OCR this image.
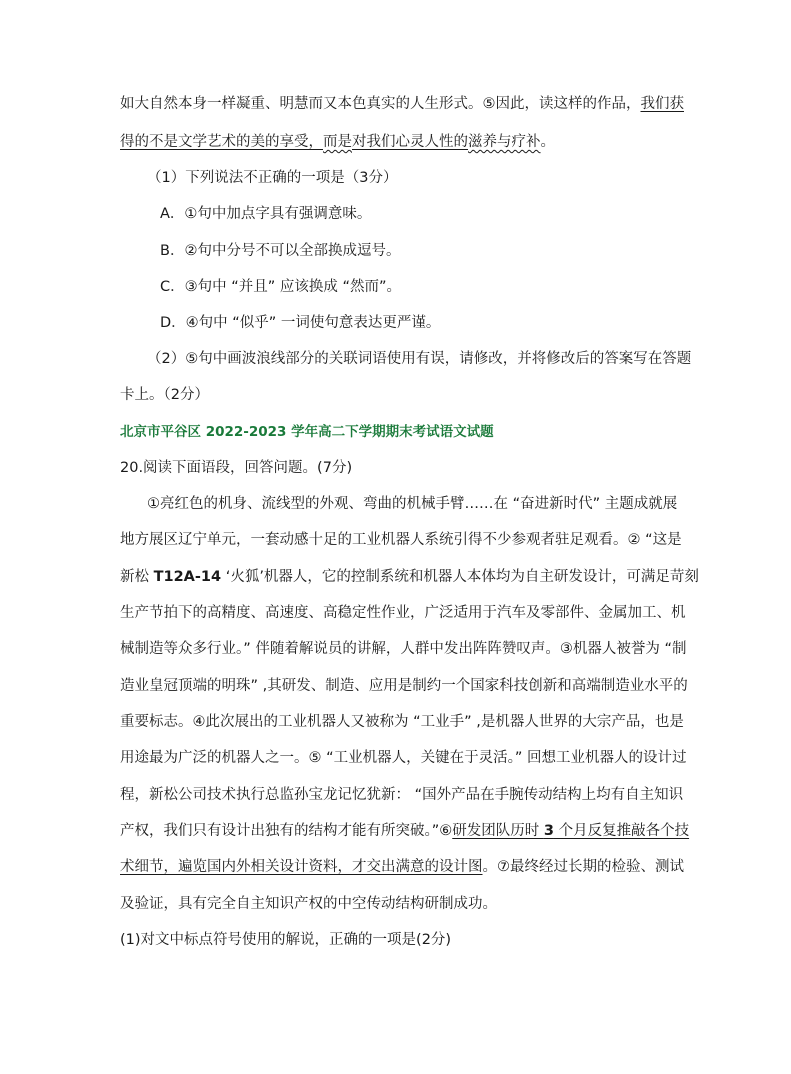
如大自然本身一样凝重、明慧而又本色真实的人生形式。⑤因此，读这样的作品，我们获
得的不是文学艺术的美的享受，而是对我们心灵人性的滋养与疗补。
（1）下列说法不正确的一项是（3分）
A．①句中加点字具有强调意味。
B．②句中分号不可以全部换成逗号。
C．③句中 “并且” 应该换成 “然而”。
D．④句中 “似乎” 一词使句意表达更严谨。
（2）⑤句中画波浪线部分的关联词语使用有误，请修改，并将修改后的答案写在答题
卡上。（2分）
北京市平谷区 2022-2023 学年高二下学期期末考试语文试题
20.阅读下面语段，回答问题。(7分)
①亮红色的机身、流线型的外观、弯曲的机械手臂……在 “奋进新时代” 主题成就展
地方展区辽宁单元，一套动感十足的工业机器人系统引得不少参观者驻足观看。② “这是
新松 T12A-14 ‘火狐’机器人，它的控制系统和机器人本体均为自主研发设计，可满足苛刻
生产节拍下的高精度、高速度、高稳定性作业，广泛适用于汽车及零部件、金属加工、机
械制造等众多行业。” 伴随着解说员的讲解，人群中发出阵阵赞叹声。③机器人被誉为 “制
造业皇冠顶端的明珠” ,其研发、制造、应用是制约一个国家科技创新和高端制造业水平的
重要标志。④此次展出的工业机器人又被称为 “工业手” ,是机器人世界的大宗产品，也是
用途最为广泛的机器人之一。⑤ “工业机器人，关键在于灵活。” 回想工业机器人的设计过
程，新松公司技术执行总监孙宝龙记忆犹新： “国外产品在手腕传动结构上均有自主知识
产权，我们只有设计出独有的结构才能有所突破。”⑥研发团队历时 3 个月反复推敲各个技
术细节，遍览国内外相关设计资料，才交出满意的设计图。⑦最终经过长期的检验、测试
及验证，具有完全自主知识产权的中空传动结构研制成功。
(1)对文中标点符号使用的解说，正确的一项是(2分)
